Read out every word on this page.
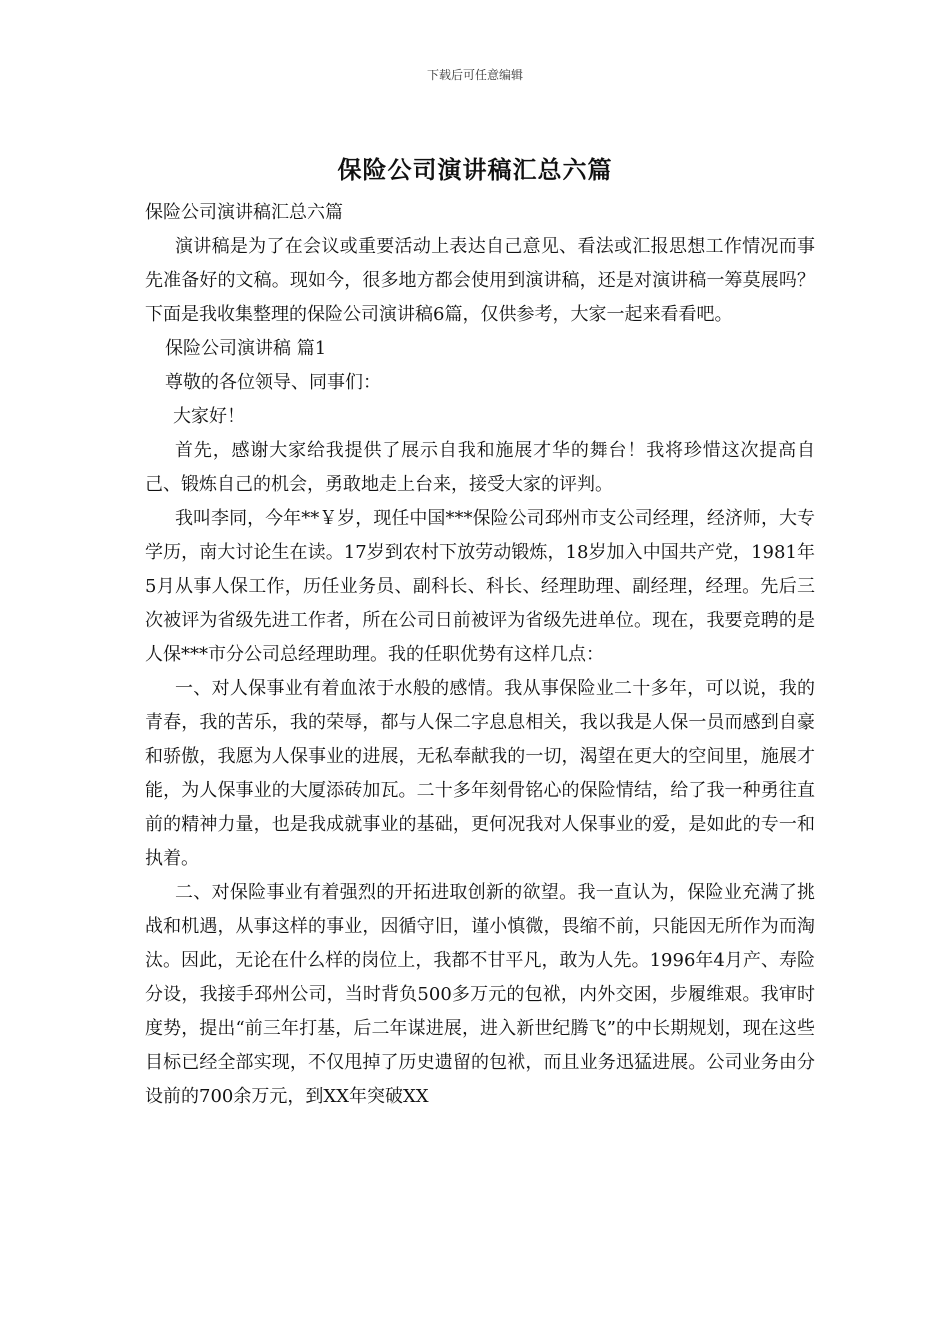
下载后可任意编辑
保险公司演讲稿汇总六篇

保险公司演讲稿汇总六篇

演讲稿是为了在会议或重要活动上表达自己意见、看法或汇报思想工作情况而事先准备好的文稿。现如今，很多地方都会使用到演讲稿，还是对演讲稿一筹莫展吗？下面是我收集整理的保险公司演讲稿6篇，仅供参考，大家一起来看看吧。

保险公司演讲稿 篇1

尊敬的各位领导、同事们：

大家好！

首先，感谢大家给我提供了展示自我和施展才华的舞台！我将珍惜这次提高自己、锻炼自己的机会，勇敢地走上台来，接受大家的评判。

我叫李同，今年**￥岁，现任中国***保险公司邳州市支公司经理，经济师，大专学历，南大讨论生在读。17岁到农村下放劳动锻炼，18岁加入中国共产党，1981年5月从事人保工作，历任业务员、副科长、科长、经理助理、副经理，经理。先后三次被评为省级先进工作者，所在公司日前被评为省级先进单位。现在，我要竞聘的是人保***市分公司总经理助理。我的任职优势有这样几点：

一、对人保事业有着血浓于水般的感情。我从事保险业二十多年，可以说，我的青春，我的苦乐，我的荣辱，都与人保二字息息相关，我以我是人保一员而感到自豪和骄傲，我愿为人保事业的进展，无私奉献我的一切，渴望在更大的空间里，施展才能，为人保事业的大厦添砖加瓦。二十多年刻骨铭心的保险情结，给了我一种勇往直前的精神力量，也是我成就事业的基础，更何况我对人保事业的爱，是如此的专一和执着。

二、对保险事业有着强烈的开拓进取创新的欲望。我一直认为，保险业充满了挑战和机遇，从事这样的事业，因循守旧，谨小慎微，畏缩不前，只能因无所作为而淘汰。因此，无论在什么样的岗位上，我都不甘平凡，敢为人先。1996年4月产、寿险分设，我接手邳州公司，当时背负500多万元的包袱，内外交困，步履维艰。我审时度势，提出“前三年打基，后二年谋进展，进入新世纪腾飞”的中长期规划，现在这些目标已经全部实现，不仅甩掉了历史遗留的包袱，而且业务迅猛进展。公司业务由分设前的700余万元，到XX年突破XX
